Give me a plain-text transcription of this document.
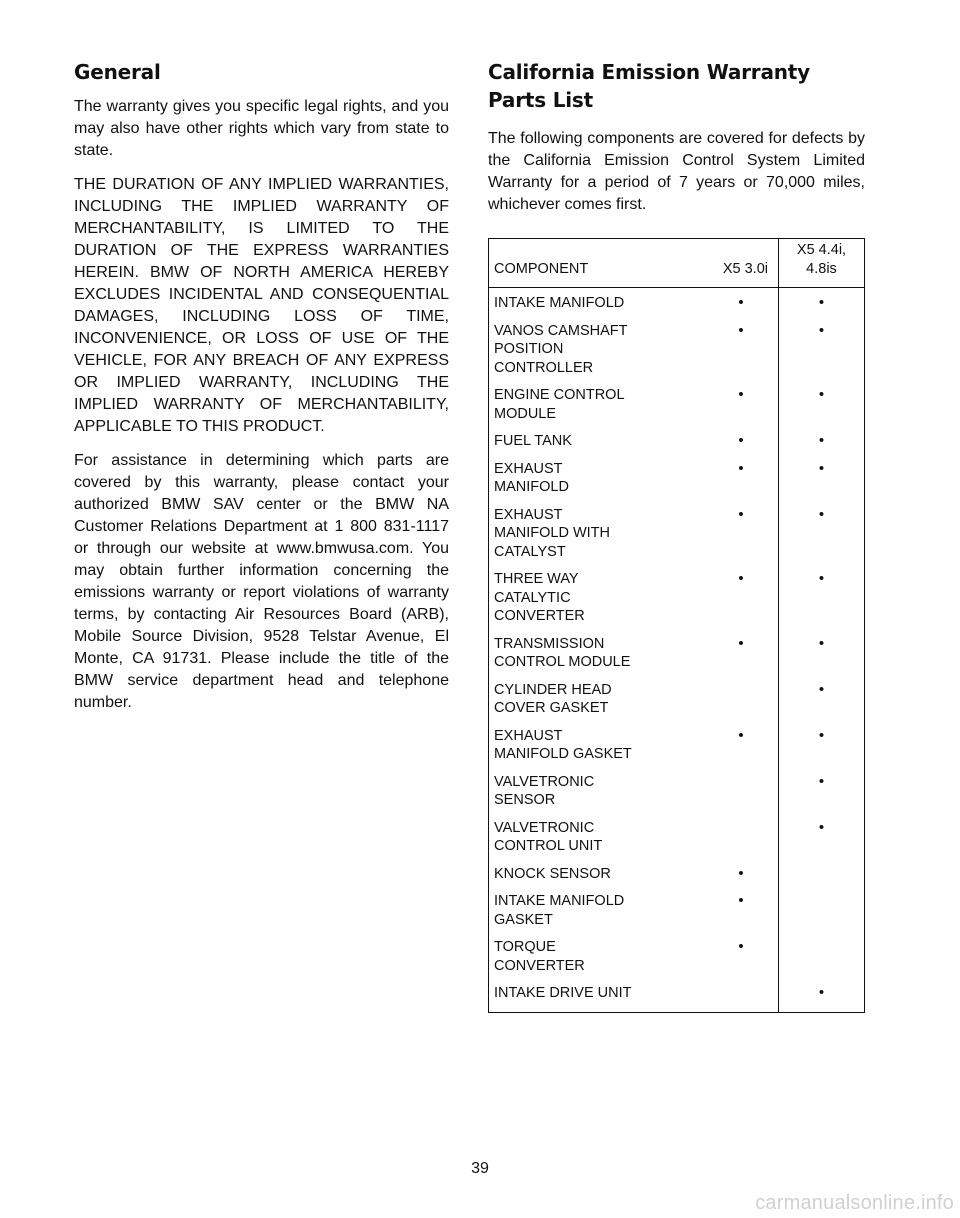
General

The warranty gives you specific legal rights, and you may also have other rights which vary from state to state.

THE DURATION OF ANY IMPLIED WARRANTIES, INCLUDING THE IMPLIED WARRANTY OF MERCHANTABILITY, IS LIMITED TO THE DURATION OF THE EXPRESS WARRANTIES HEREIN. BMW OF NORTH AMERICA HEREBY EXCLUDES INCIDENTAL AND CONSEQUENTIAL DAMAGES, INCLUDING LOSS OF TIME, INCONVENIENCE, OR LOSS OF USE OF THE VEHICLE, FOR ANY BREACH OF ANY EXPRESS OR IMPLIED WARRANTY, INCLUDING THE IMPLIED WARRANTY OF MERCHANTABILITY, APPLICABLE TO THIS PRODUCT.

For assistance in determining which parts are covered by this warranty, please contact your authorized BMW SAV center or the BMW NA Customer Relations Department at 1 800 831-1117 or through our website at www.bmwusa.com. You may obtain further information concerning the emissions warranty or report violations of warranty terms, by contacting Air Resources Board (ARB), Mobile Source Division, 9528 Telstar Avenue, El Monte, CA 91731. Please include the title of the BMW service department head and telephone number.

California Emission Warranty
Parts List

The following components are covered for defects by the California Emission Control System Limited Warranty for a period of 7 years or 70,000 miles, whichever comes first.

COMPONENT	X5 3.0i	X5 4.4i,
4.8is
INTAKE MANIFOLD	•	•
VANOS CAMSHAFT
POSITION
CONTROLLER	•	•
ENGINE CONTROL
MODULE	•	•
FUEL TANK	•	•
EXHAUST
MANIFOLD	•	•
EXHAUST
MANIFOLD WITH
CATALYST	•	•
THREE WAY
CATALYTIC
CONVERTER	•	•
TRANSMISSION
CONTROL MODULE	•	•
CYLINDER HEAD
COVER GASKET		•
EXHAUST
MANIFOLD GASKET	•	•
VALVETRONIC
SENSOR		•
VALVETRONIC
CONTROL UNIT		•
KNOCK SENSOR	•	
INTAKE MANIFOLD
GASKET	•	
TORQUE
CONVERTER	•	
INTAKE DRIVE UNIT		•
39
carmanualsonline.info
